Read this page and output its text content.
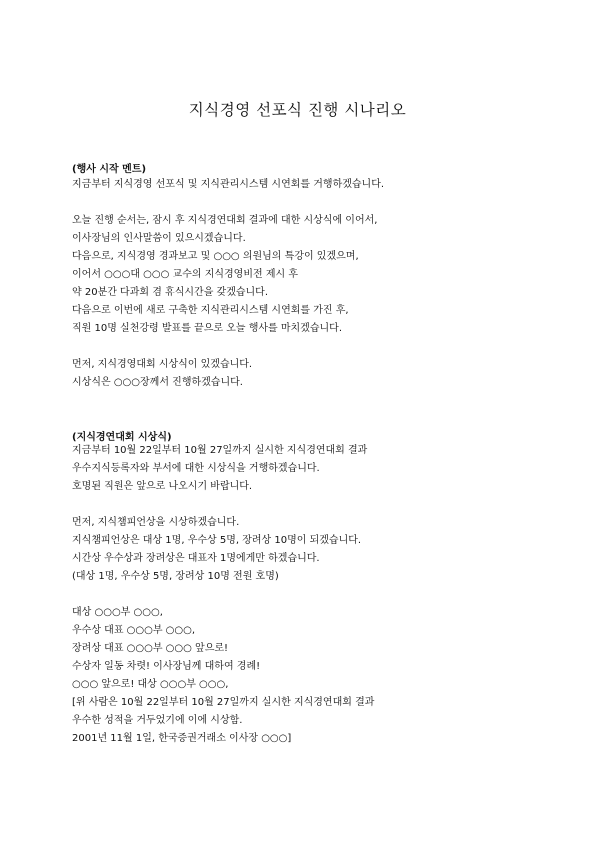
지식경영 선포식 진행 시나리오
(행사 시작 멘트)
지금부터 지식경영 선포식 및 지식관리시스템 시연회를 거행하겠습니다.
오늘 진행 순서는, 잠시 후 지식경연대회 결과에 대한 시상식에 이어서,
이사장님의 인사말씀이 있으시겠습니다.
다음으로, 지식경영 경과보고 및 ○○○ 의원님의 특강이 있겠으며,
이어서 ○○○대 ○○○ 교수의 지식경영비전 제시 후
약 20분간 다과회 겸 휴식시간을 갖겠습니다.
다음으로 이번에 새로 구축한 지식관리시스템 시연회를 가진 후,
직원 10명 실천강령 발표를 끝으로 오늘 행사를 마치겠습니다.
먼저, 지식경영대회 시상식이 있겠습니다.
시상식은 ○○○장께서 진행하겠습니다.
(지식경연대회 시상식)
지금부터 10월 22일부터 10월 27일까지 실시한 지식경연대회 결과
우수지식등록자와 부서에 대한 시상식을 거행하겠습니다.
호명된 직원은 앞으로 나오시기 바랍니다.
먼저, 지식챔피언상을 시상하겠습니다.
지식챔피언상은 대상 1명, 우수상 5명, 장려상 10명이 되겠습니다.
시간상 우수상과 장려상은 대표자 1명에게만 하겠습니다.
(대상 1명, 우수상 5명, 장려상 10명 전원 호명)
대상 ○○○부 ○○○,
우수상 대표 ○○○부 ○○○,
장려상 대표 ○○○부 ○○○ 앞으로!
수상자 일동 차렷! 이사장님께 대하여 경례!
○○○ 앞으로! 대상 ○○○부 ○○○,
[위 사람은 10월 22일부터 10월 27일까지 실시한 지식경연대회 결과
우수한 성적을 거두었기에 이에 시상함.
2001년 11월 1일, 한국증권거래소 이사장 ○○○]
